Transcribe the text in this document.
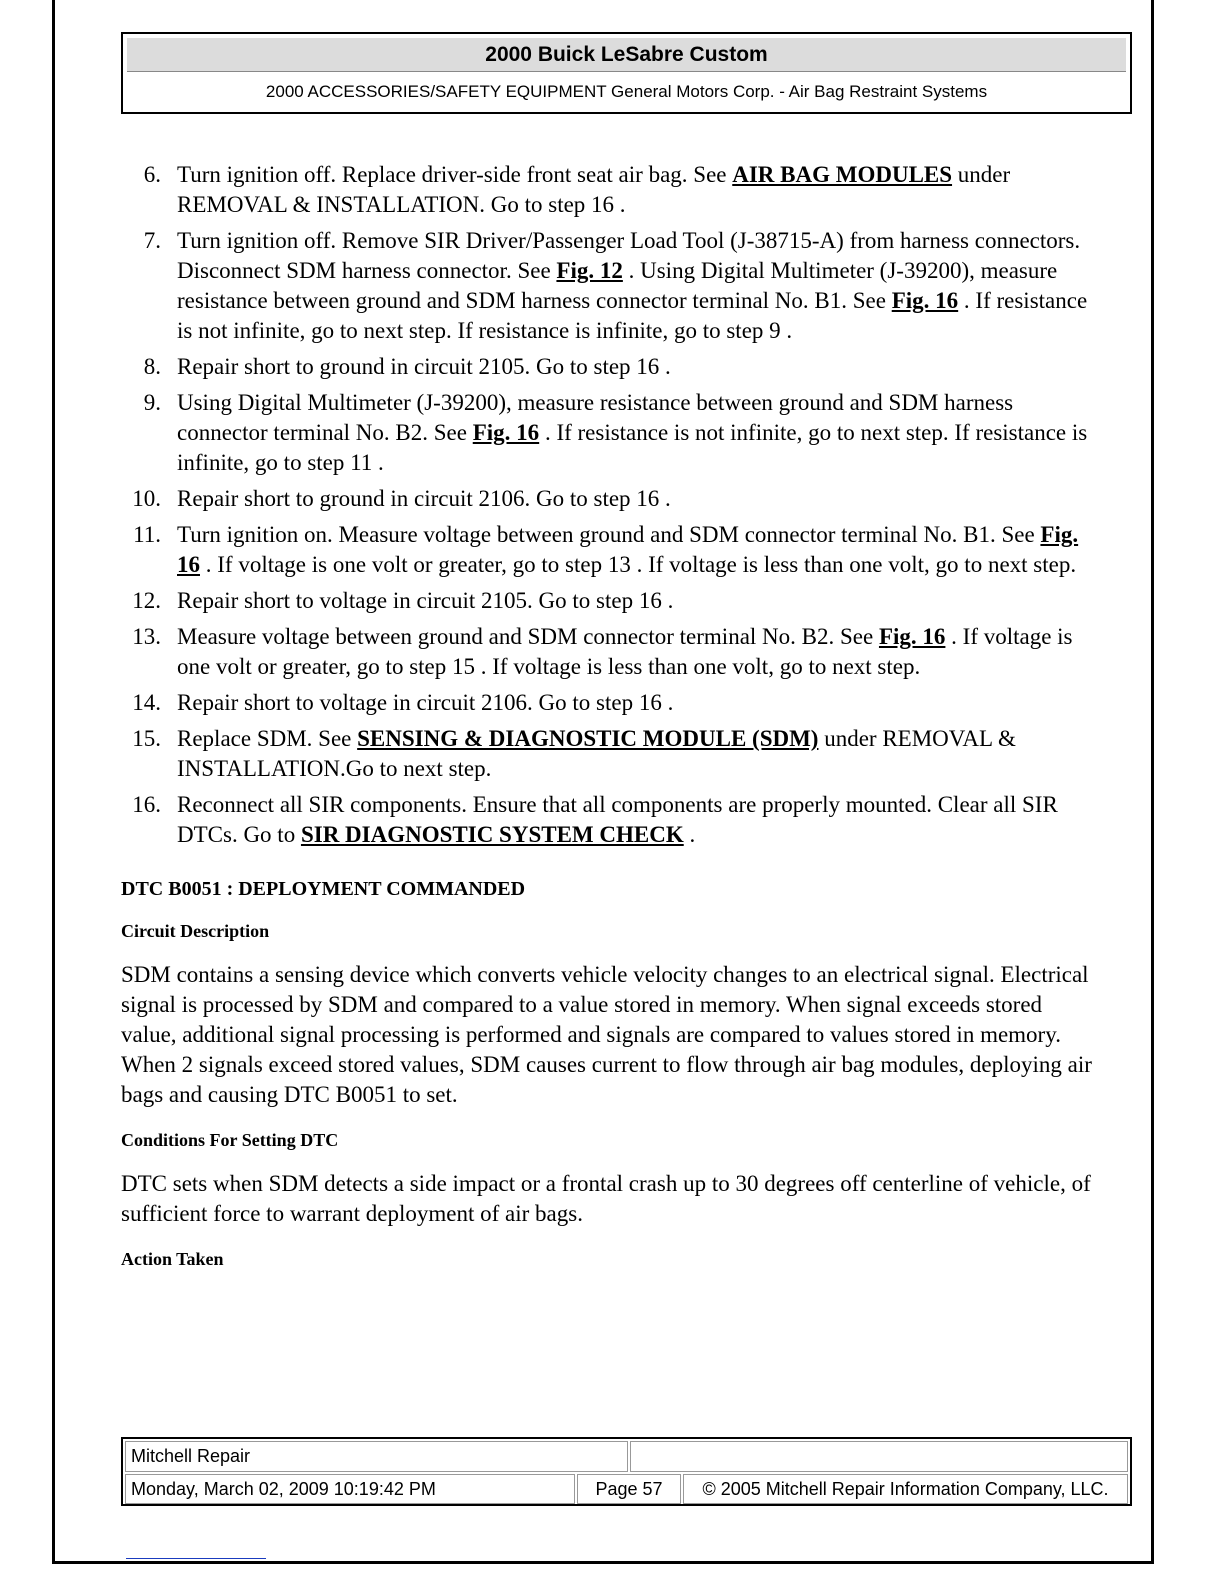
2000 Buick LeSabre Custom
2000 ACCESSORIES/SAFETY EQUIPMENT General Motors Corp. - Air Bag Restraint Systems
6. Turn ignition off. Replace driver-side front seat air bag. See AIR BAG MODULES under REMOVAL & INSTALLATION. Go to step 16 .
7. Turn ignition off. Remove SIR Driver/Passenger Load Tool (J-38715-A) from harness connectors. Disconnect SDM harness connector. See Fig. 12 . Using Digital Multimeter (J-39200), measure resistance between ground and SDM harness connector terminal No. B1. See Fig. 16 . If resistance is not infinite, go to next step. If resistance is infinite, go to step 9 .
8. Repair short to ground in circuit 2105. Go to step 16 .
9. Using Digital Multimeter (J-39200), measure resistance between ground and SDM harness connector terminal No. B2. See Fig. 16 . If resistance is not infinite, go to next step. If resistance is infinite, go to step 11 .
10. Repair short to ground in circuit 2106. Go to step 16 .
11. Turn ignition on. Measure voltage between ground and SDM connector terminal No. B1. See Fig. 16 . If voltage is one volt or greater, go to step 13 . If voltage is less than one volt, go to next step.
12. Repair short to voltage in circuit 2105. Go to step 16 .
13. Measure voltage between ground and SDM connector terminal No. B2. See Fig. 16 . If voltage is one volt or greater, go to step 15 . If voltage is less than one volt, go to next step.
14. Repair short to voltage in circuit 2106. Go to step 16 .
15. Replace SDM. See SENSING & DIAGNOSTIC MODULE (SDM) under REMOVAL & INSTALLATION.Go to next step.
16. Reconnect all SIR components. Ensure that all components are properly mounted. Clear all SIR DTCs. Go to SIR DIAGNOSTIC SYSTEM CHECK .
DTC B0051 : DEPLOYMENT COMMANDED
Circuit Description

SDM contains a sensing device which converts vehicle velocity changes to an electrical signal. Electrical signal is processed by SDM and compared to a value stored in memory. When signal exceeds stored value, additional signal processing is performed and signals are compared to values stored in memory. When 2 signals exceed stored values, SDM causes current to flow through air bag modules, deploying air bags and causing DTC B0051 to set.

Conditions For Setting DTC

DTC sets when SDM detects a side impact or a frontal crash up to 30 degrees off centerline of vehicle, of sufficient force to warrant deployment of air bags.

Action Taken
Mitchell Repair
Monday, March 02, 2009 10:19:42 PM	Page 57	© 2005 Mitchell Repair Information Company, LLC.
